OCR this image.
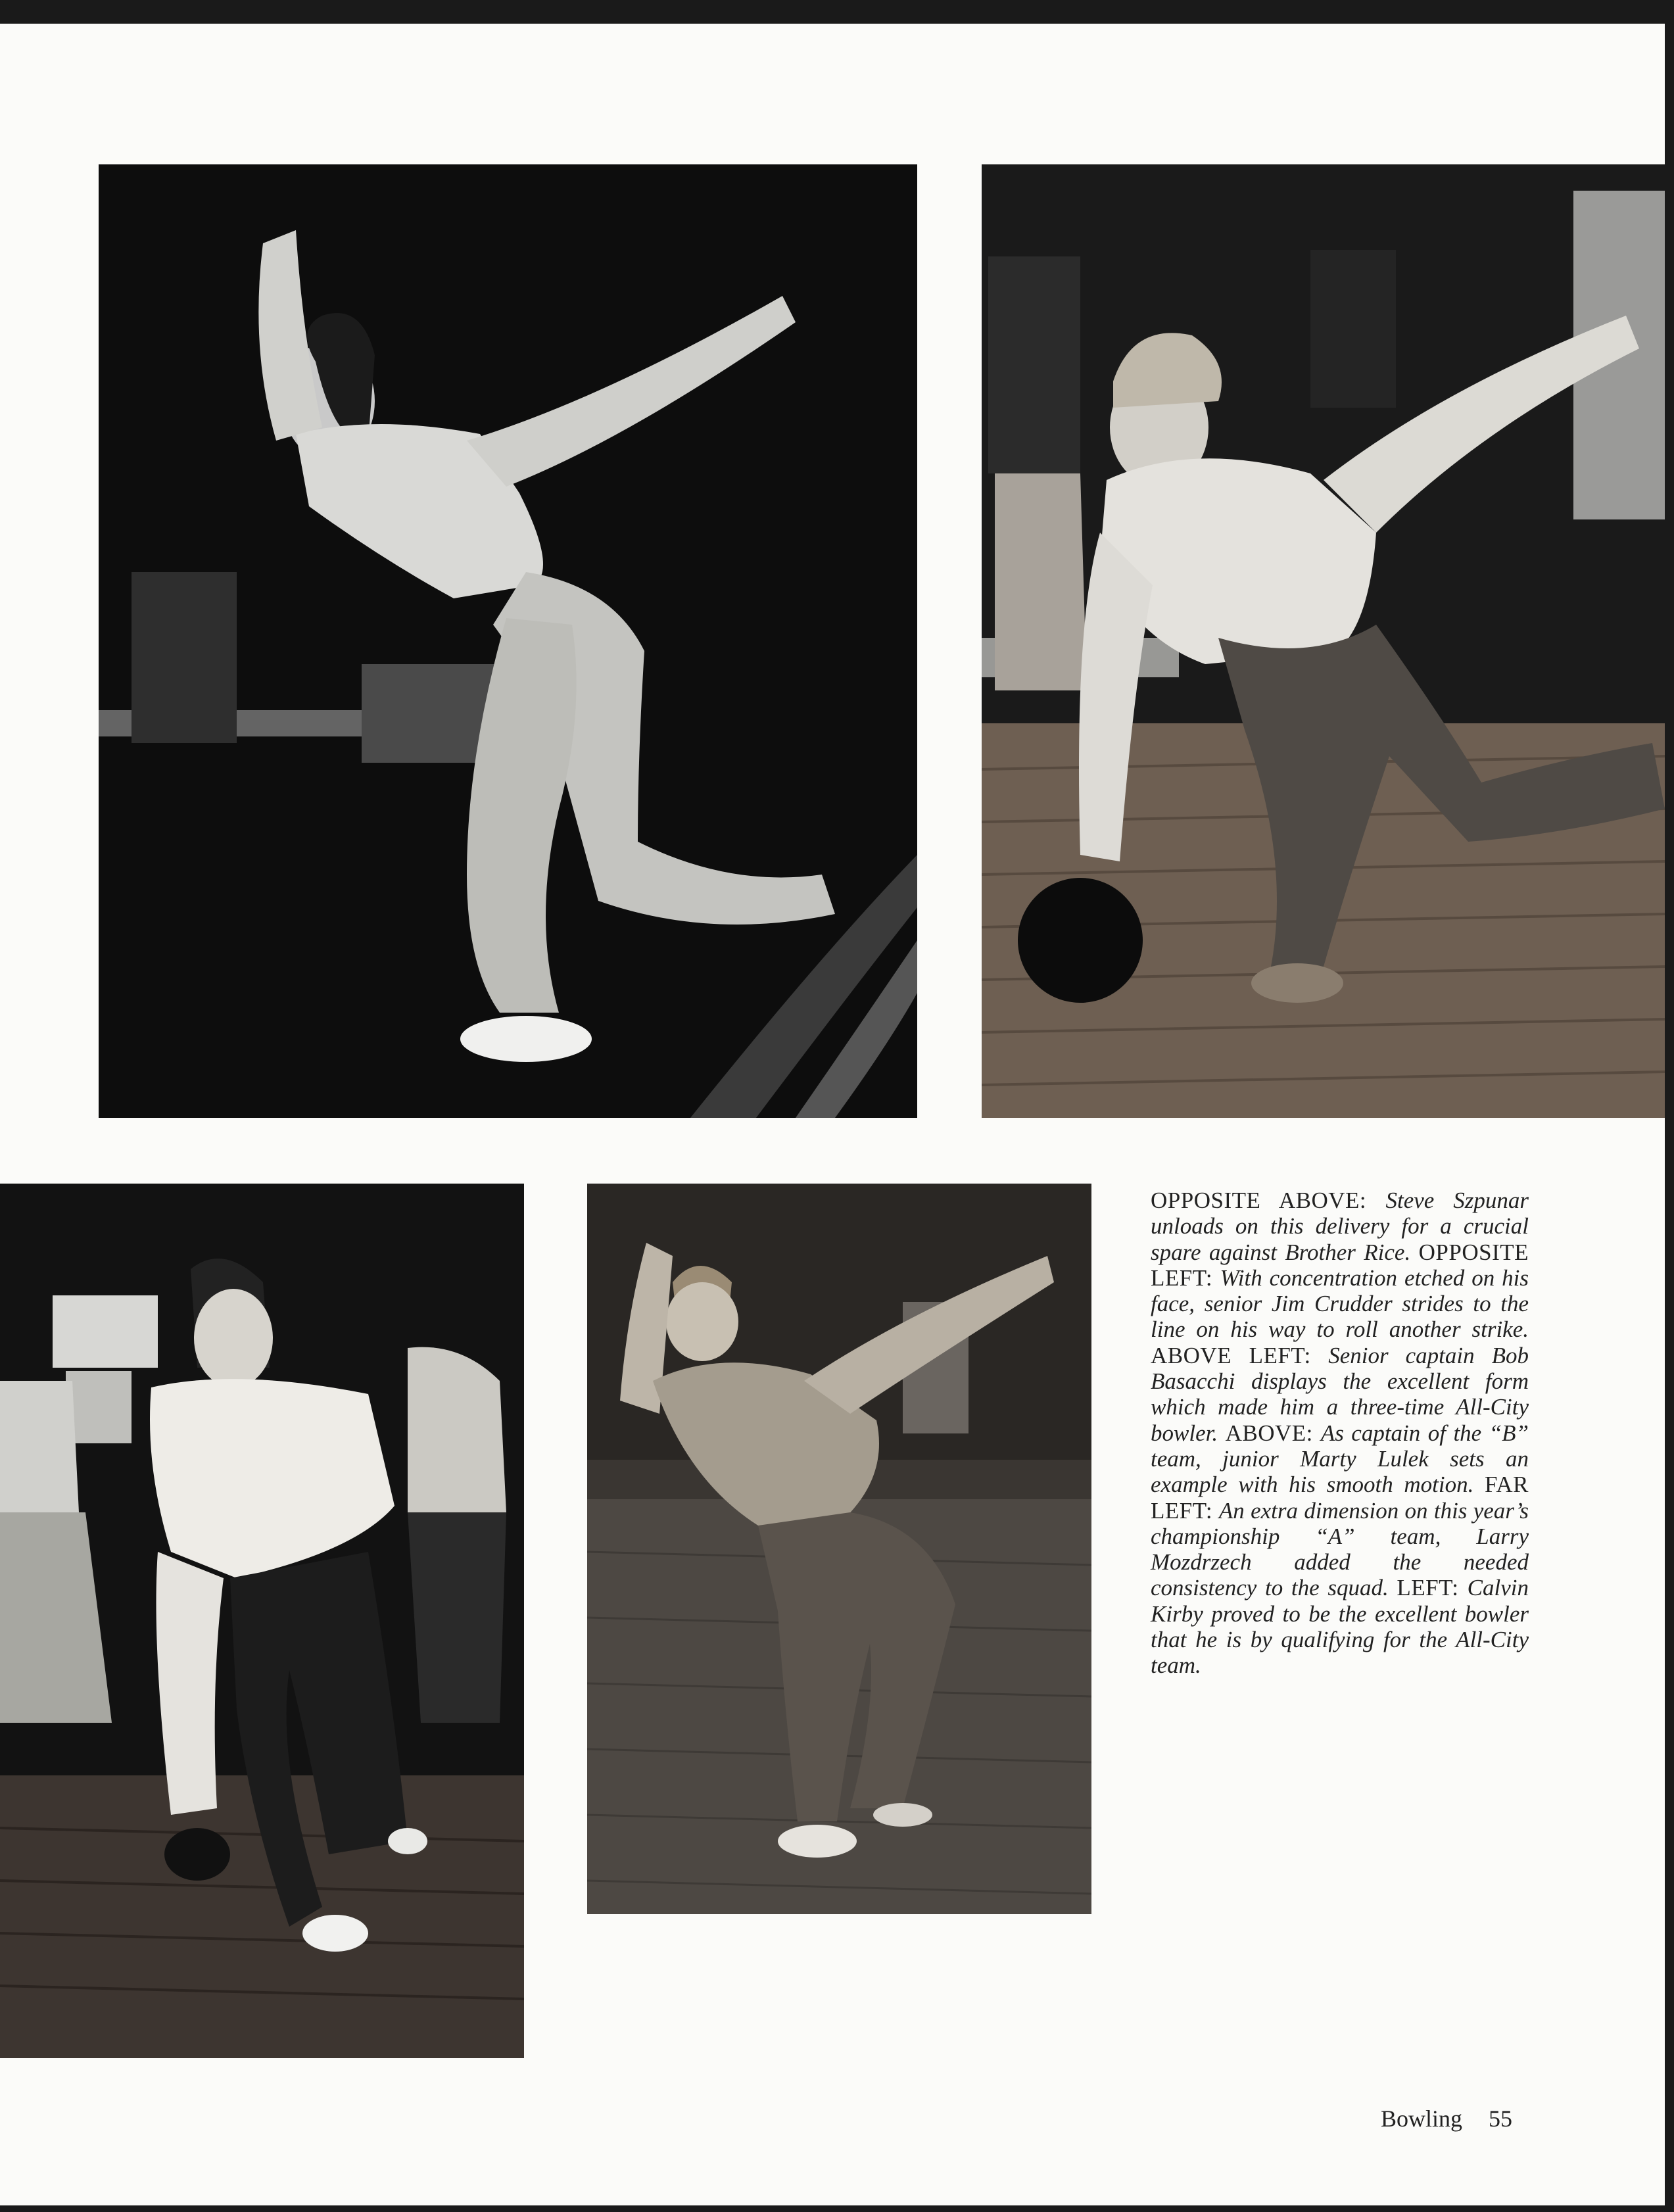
OPPOSITE ABOVE: Steve Szpunar unloads on this delivery for a crucial spare against Brother Rice. OPPOSITE LEFT: With concentration etched on his face, senior Jim Crudder strides to the line on his way to roll another strike. ABOVE LEFT: Senior captain Bob Basacchi displays the excellent form which made him a three-time All-City bowler. ABOVE: As captain of the “B” team, junior Marty Lulek sets an example with his smooth motion. FAR LEFT: An extra dimension on this year’s championship “A” team, Larry Mozdrzech added the needed consistency to the squad. LEFT: Calvin Kirby proved to be the excellent bowler that he is by qualifying for the All-City team.
Bowling 55
